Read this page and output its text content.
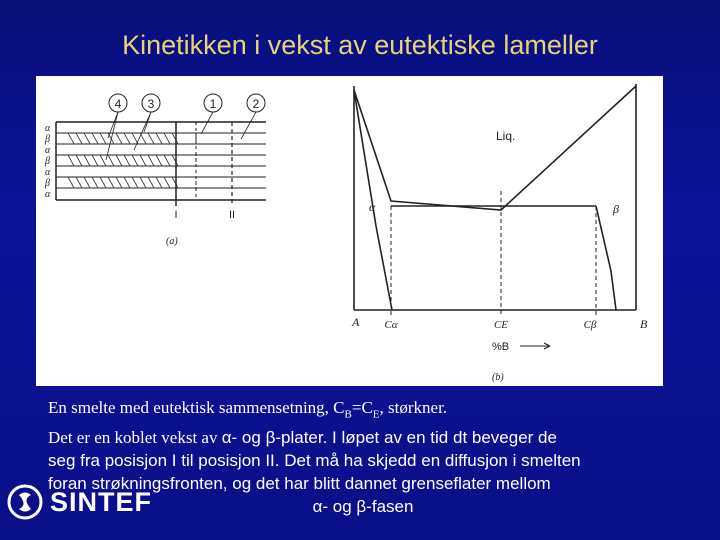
Kinetikken i vekst av eutektiske lameller
4 3	1	2
α
β
α
β
α
β
α
I	II
(a)
Liq.
α	β
A Cα	CE	Cβ	B
%B
(b)
En smelte med eutektisk sammensetning, $C_B=C_E$, størkner.
Det er en koblet vekst av α- og β-plater. I løpet av en tid dt beveger de
seg fra posisjon I til posisjon II. Det må ha skjedd en diffusjon i smelten
foran strøkningsfronten, og det har blitt dannet grenseflater mellom
α- og β-fasen
SINTEF
